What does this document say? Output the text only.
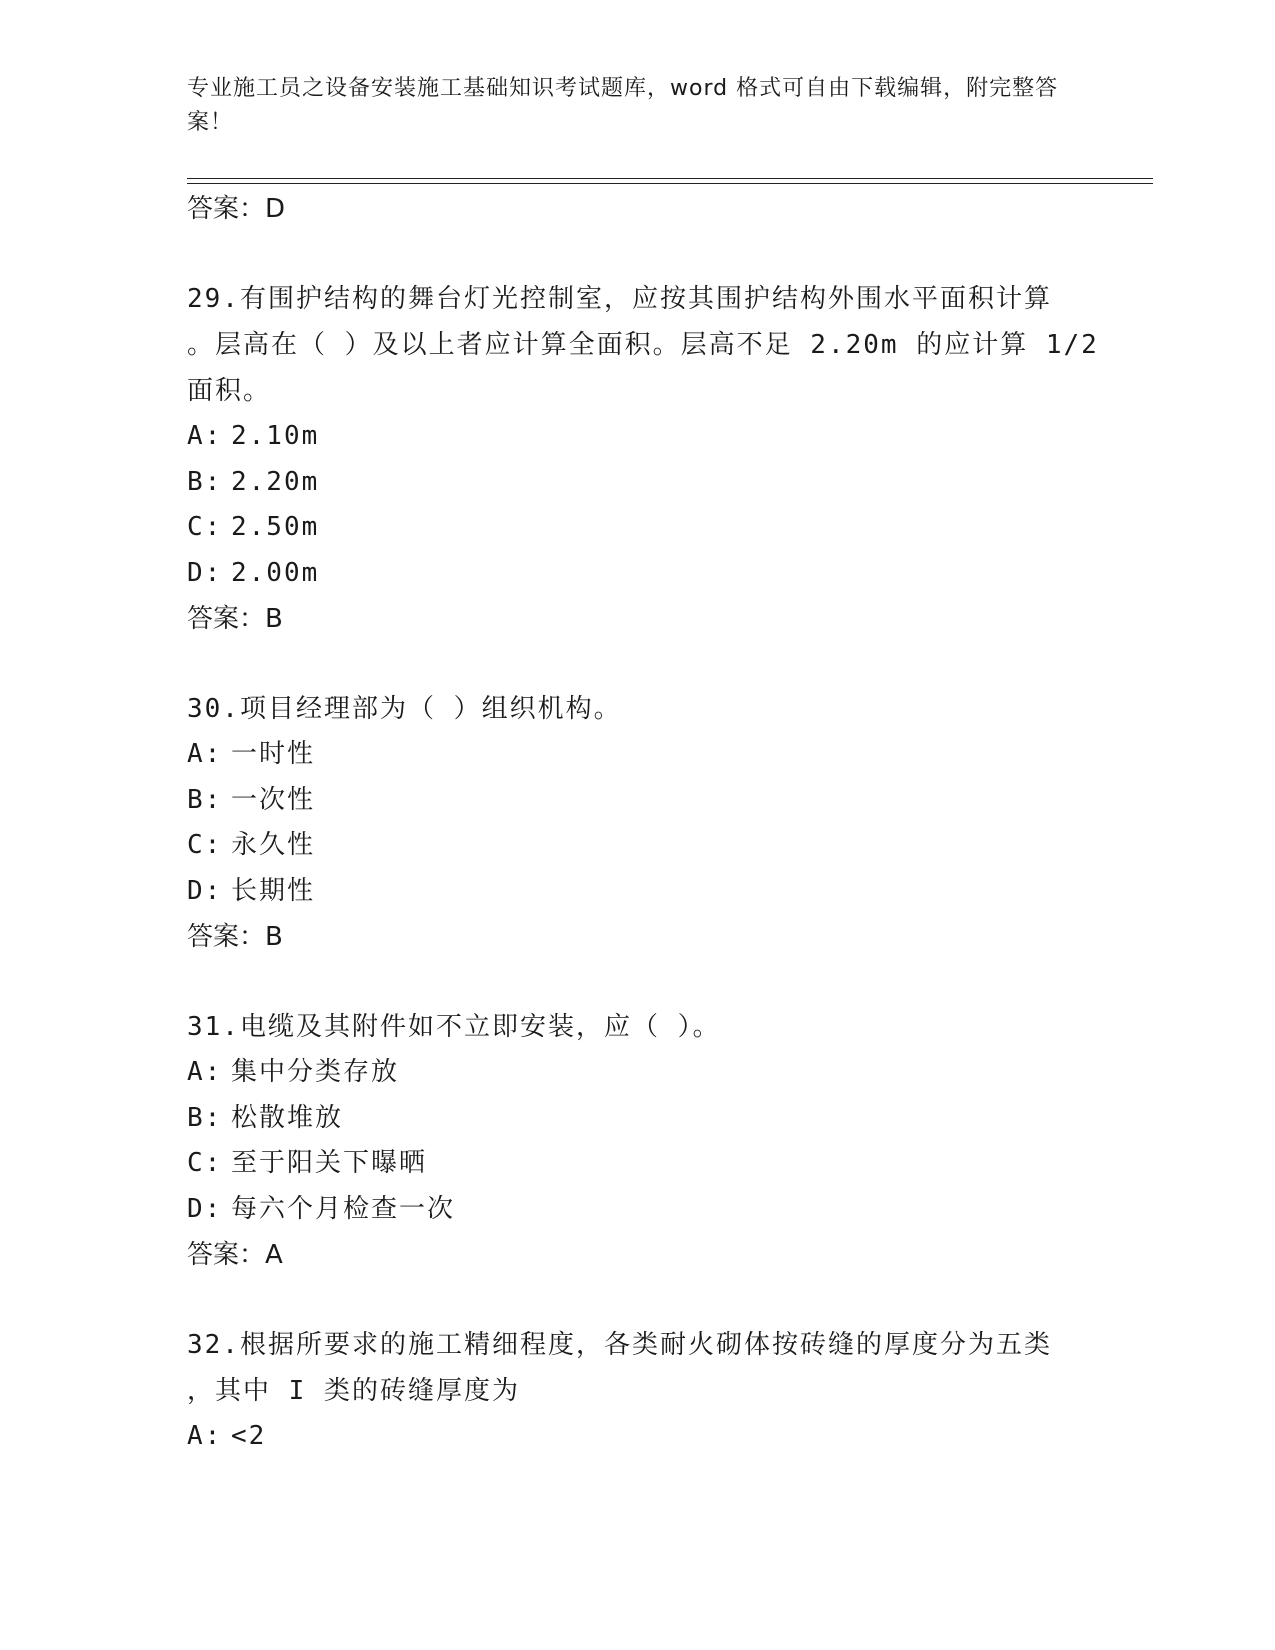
专业施工员之设备安装施工基础知识考试题库，word 格式可自由下载编辑，附完整答案！
答案：D
29.有围护结构的舞台灯光控制室，应按其围护结构外围水平面积计算
。层高在（ ）及以上者应计算全面积。层高不足 2.20m 的应计算 1/2
面积。
A: 2.10m
B: 2.20m
C: 2.50m
D: 2.00m
答案：B
30.项目经理部为（ ）组织机构。
A: 一时性
B: 一次性
C: 永久性
D: 长期性
答案：B
31.电缆及其附件如不立即安装，应（ ）。
A: 集中分类存放
B: 松散堆放
C: 至于阳关下曝晒
D: 每六个月检查一次
答案：A
32.根据所要求的施工精细程度，各类耐火砌体按砖缝的厚度分为五类
，其中 I 类的砖缝厚度为
A: <2
